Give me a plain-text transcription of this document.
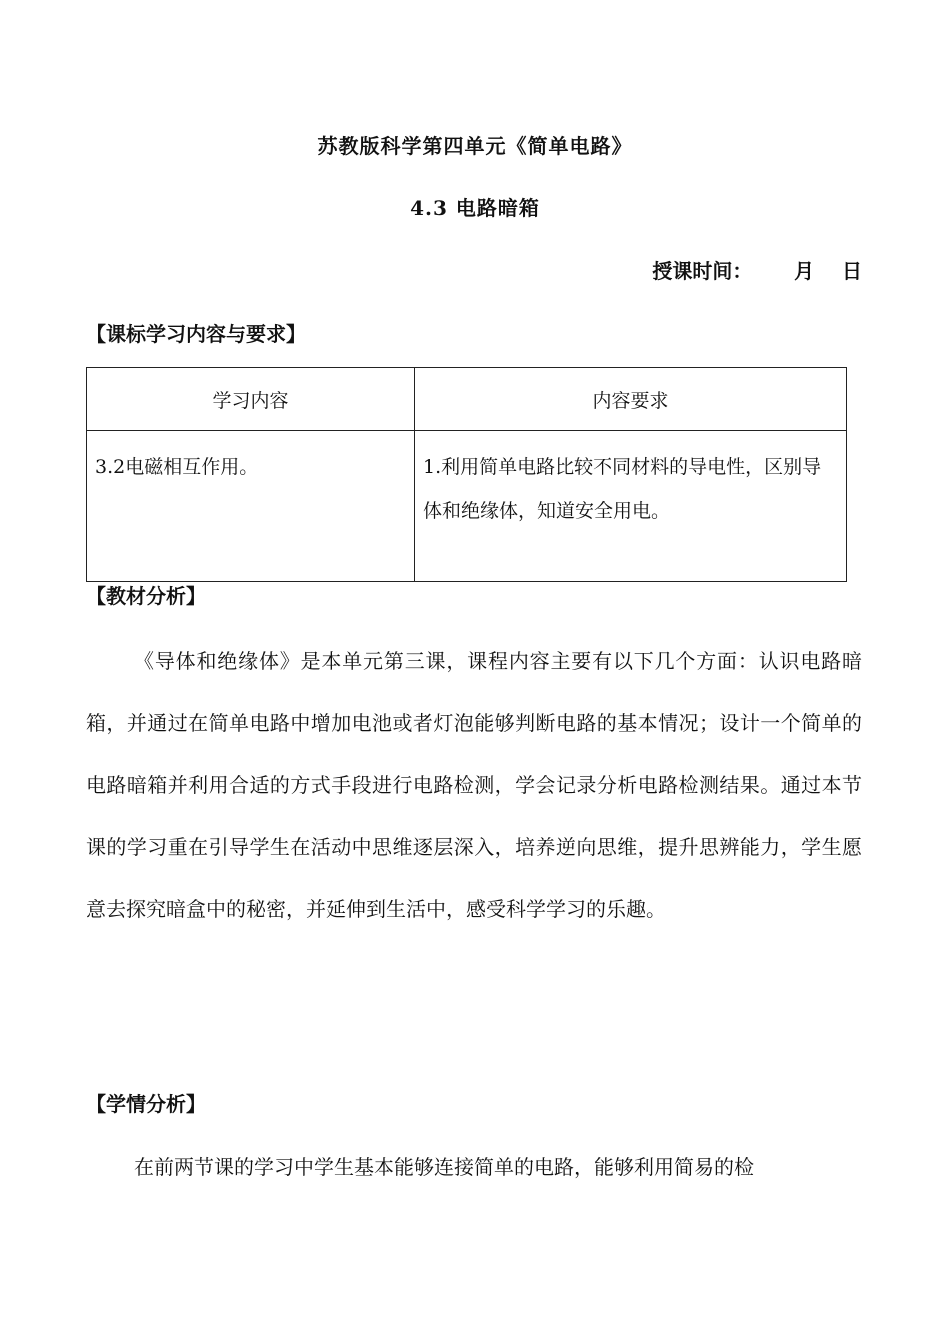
苏教版科学第四单元《简单电路》
4.3 电路暗箱
授课时间：      月    日
【课标学习内容与要求】
学习内容	内容要求
3.2电磁相互作用。	1.利用简单电路比较不同材料的导电性，区别导体和绝缘体，知道安全用电。
【教材分析】

《导体和绝缘体》是本单元第三课，课程内容主要有以下几个方面：认识电路暗箱，并通过在简单电路中增加电池或者灯泡能够判断电路的基本情况；设计一个简单的电路暗箱并利用合适的方式手段进行电路检测，学会记录分析电路检测结果。通过本节课的学习重在引导学生在活动中思维逐层深入，培养逆向思维，提升思辨能力，学生愿意去探究暗盒中的秘密，并延伸到生活中，感受科学学习的乐趣。

【学情分析】

在前两节课的学习中学生基本能够连接简单的电路，能够利用简易的检
